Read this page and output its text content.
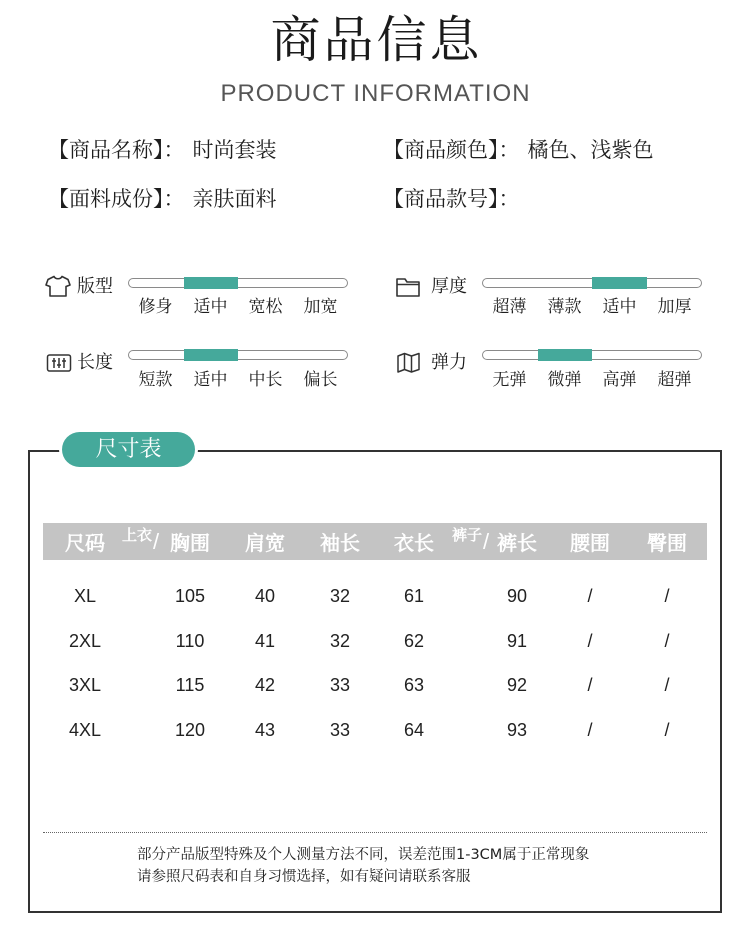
商品信息
PRODUCT INFORMATION
【商品名称】： 时尚套装	【商品颜色】： 橘色、浅紫色
【面料成份】： 亲肤面料	【商品款号】：
版型
修身	适中	宽松	加宽
厚度
超薄	薄款	适中	加厚
长度
短款	适中	中长	偏长
弹力
无弹	微弹	高弹	超弹
尺寸表
尺码	上衣/ 胸围	肩宽	袖长	衣长	裤子/ 裤长	腰围	臀围
XL	105	40	32	61	90	/	/
2XL	110	41	32	62	91	/	/
3XL	115	42	33	63	92	/	/
4XL	120	43	33	64	93	/	/
部分产品版型特殊及个人测量方法不同，误差范围1-3CM属于正常现象
请参照尺码表和自身习惯选择，如有疑问请联系客服
